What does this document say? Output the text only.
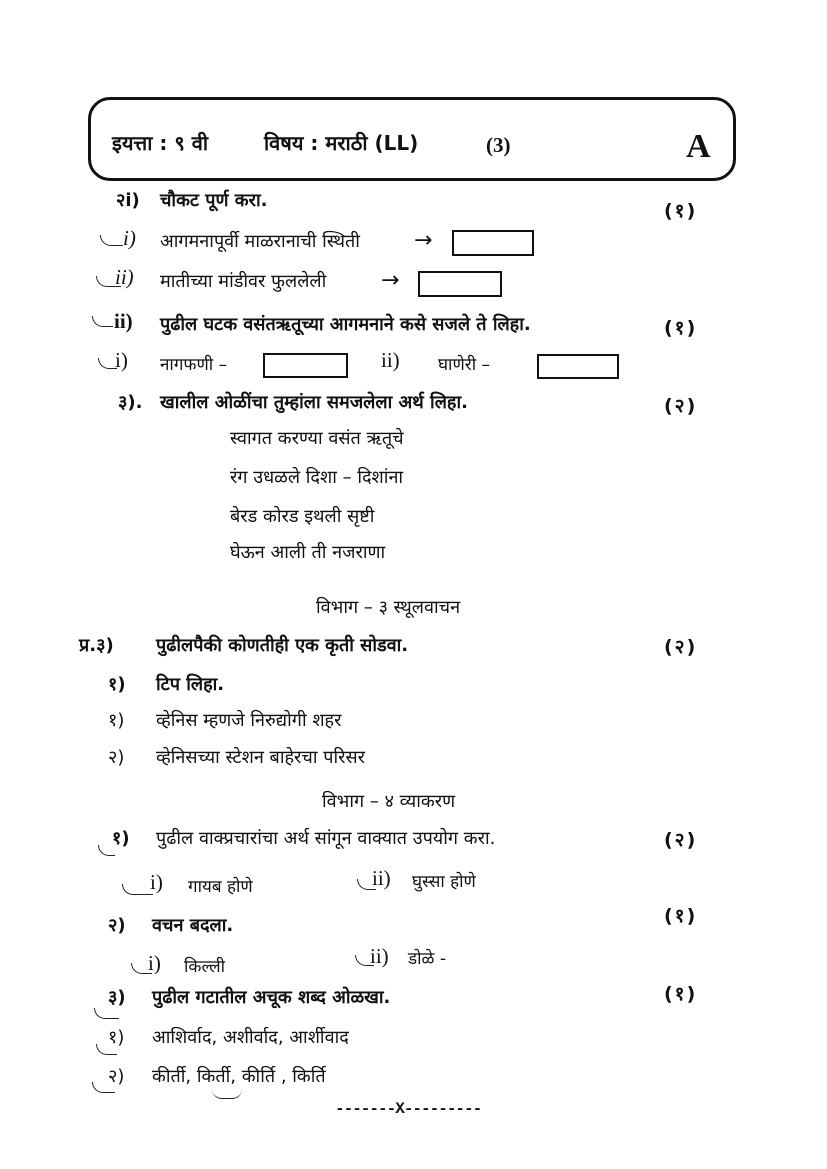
इयत्ता : ९ वी	विषय : मराठी (LL)	(3)	A
२i) चौकट पूर्ण करा.	(१)
i) आगमनापूर्वी माळरानाची स्थिती →
ii) मातीच्या मांडीवर फुललेली →
ii) पुढील घटक वसंतऋतूच्या आगमनाने कसे सजले ते लिहा.	(१)
i) नागफणी –	ii) घाणेरी –
३). खालील ओळींचा तुम्हांला समजलेला अर्थ लिहा.	(२)
स्वागत करण्या वसंत ऋतूचे
रंग उधळले दिशा – दिशांना
बेरड कोरड इथली सृष्टी
घेऊन आली ती नजराणा
विभाग – ३ स्थूलवाचन
प्र.३) पुढीलपैकी कोणतीही एक कृती सोडवा.	(२)
१) टिप लिहा.
१) व्हेनिस म्हणजे निरुद्योगी शहर
२) व्हेनिसच्या स्टेशन बाहेरचा परिसर
विभाग – ४ व्याकरण
१) पुढील वाक्प्रचारांचा अर्थ सांगून वाक्यात उपयोग करा.	(२)
i) गायब होणे	ii) घुस्सा होणे
२) वचन बदला.	(१)
i) किल्ली	ii) डोळे -
३) पुढील गटातील अचूक शब्द ओळखा.	(१)
१) आशिर्वाद, अशीर्वाद, आर्शीवाद
२) कीर्ती, किर्ती, कीर्ति , किर्ति
-------X---------
